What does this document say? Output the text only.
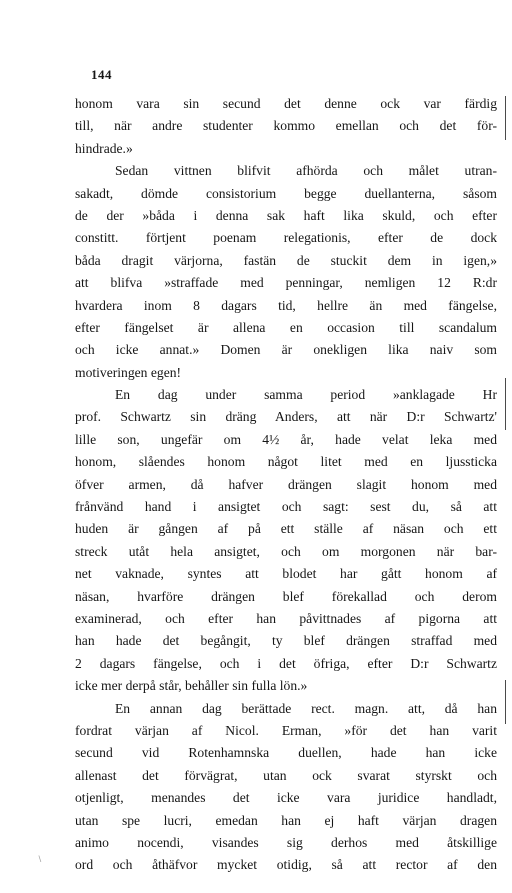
144
honom vara sin secund det denne ock var färdig
till, när andre studenter kommo emellan och det för-
hindrade.»
Sedan vittnen blifvit afhörda och målet utran-
sakadt, dömde consistorium begge duellanterna, såsom
de der »båda i denna sak haft lika skuld, och efter
constitt. förtjent poenam relegationis, efter de dock
båda dragit värjorna, fastän de stuckit dem in igen,»
att blifva »straffade med penningar, nemligen 12 R:dr
hvardera inom 8 dagars tid, hellre än med fängelse,
efter fängelset är allena en occasion till scandalum
och icke annat.» Domen är onekligen lika naiv som
motiveringen egen!
En dag under samma period »anklagade Hr
prof. Schwartz sin dräng Anders, att när D:r Schwartz'
lille son, ungefär om 4½ år, hade velat leka med
honom, slåendes honom något litet med en ljussticka
öfver armen, då hafver drängen slagit honom med
frånvänd hand i ansigtet och sagt: sest du, så att
huden är gången af på ett ställe af näsan och ett
streck utåt hela ansigtet, och om morgonen när bar-
net vaknade, syntes att blodet har gått honom af
näsan, hvarföre drängen blef förekallad och derom
examinerad, och efter han påvittnades af pigorna att
han hade det begångit, ty blef drängen straffad med
2 dagars fängelse, och i det öfriga, efter D:r Schwartz
icke mer derpå står, behåller sin fulla lön.»
En annan dag berättade rect. magn. att, då han
fordrat värjan af Nicol. Erman, »för det han varit
secund vid Rotenhamnska duellen, hade han icke
allenast det förvägrat, utan ock svarat styrskt och
otjenligt, menandes det icke vara juridice handladt,
utan spe lucri, emedan han ej haft värjan dragen
animo nocendi, visandes sig derhos med åtskillige
ord och åthäfvor mycket otidig, så att rector af den
∖
